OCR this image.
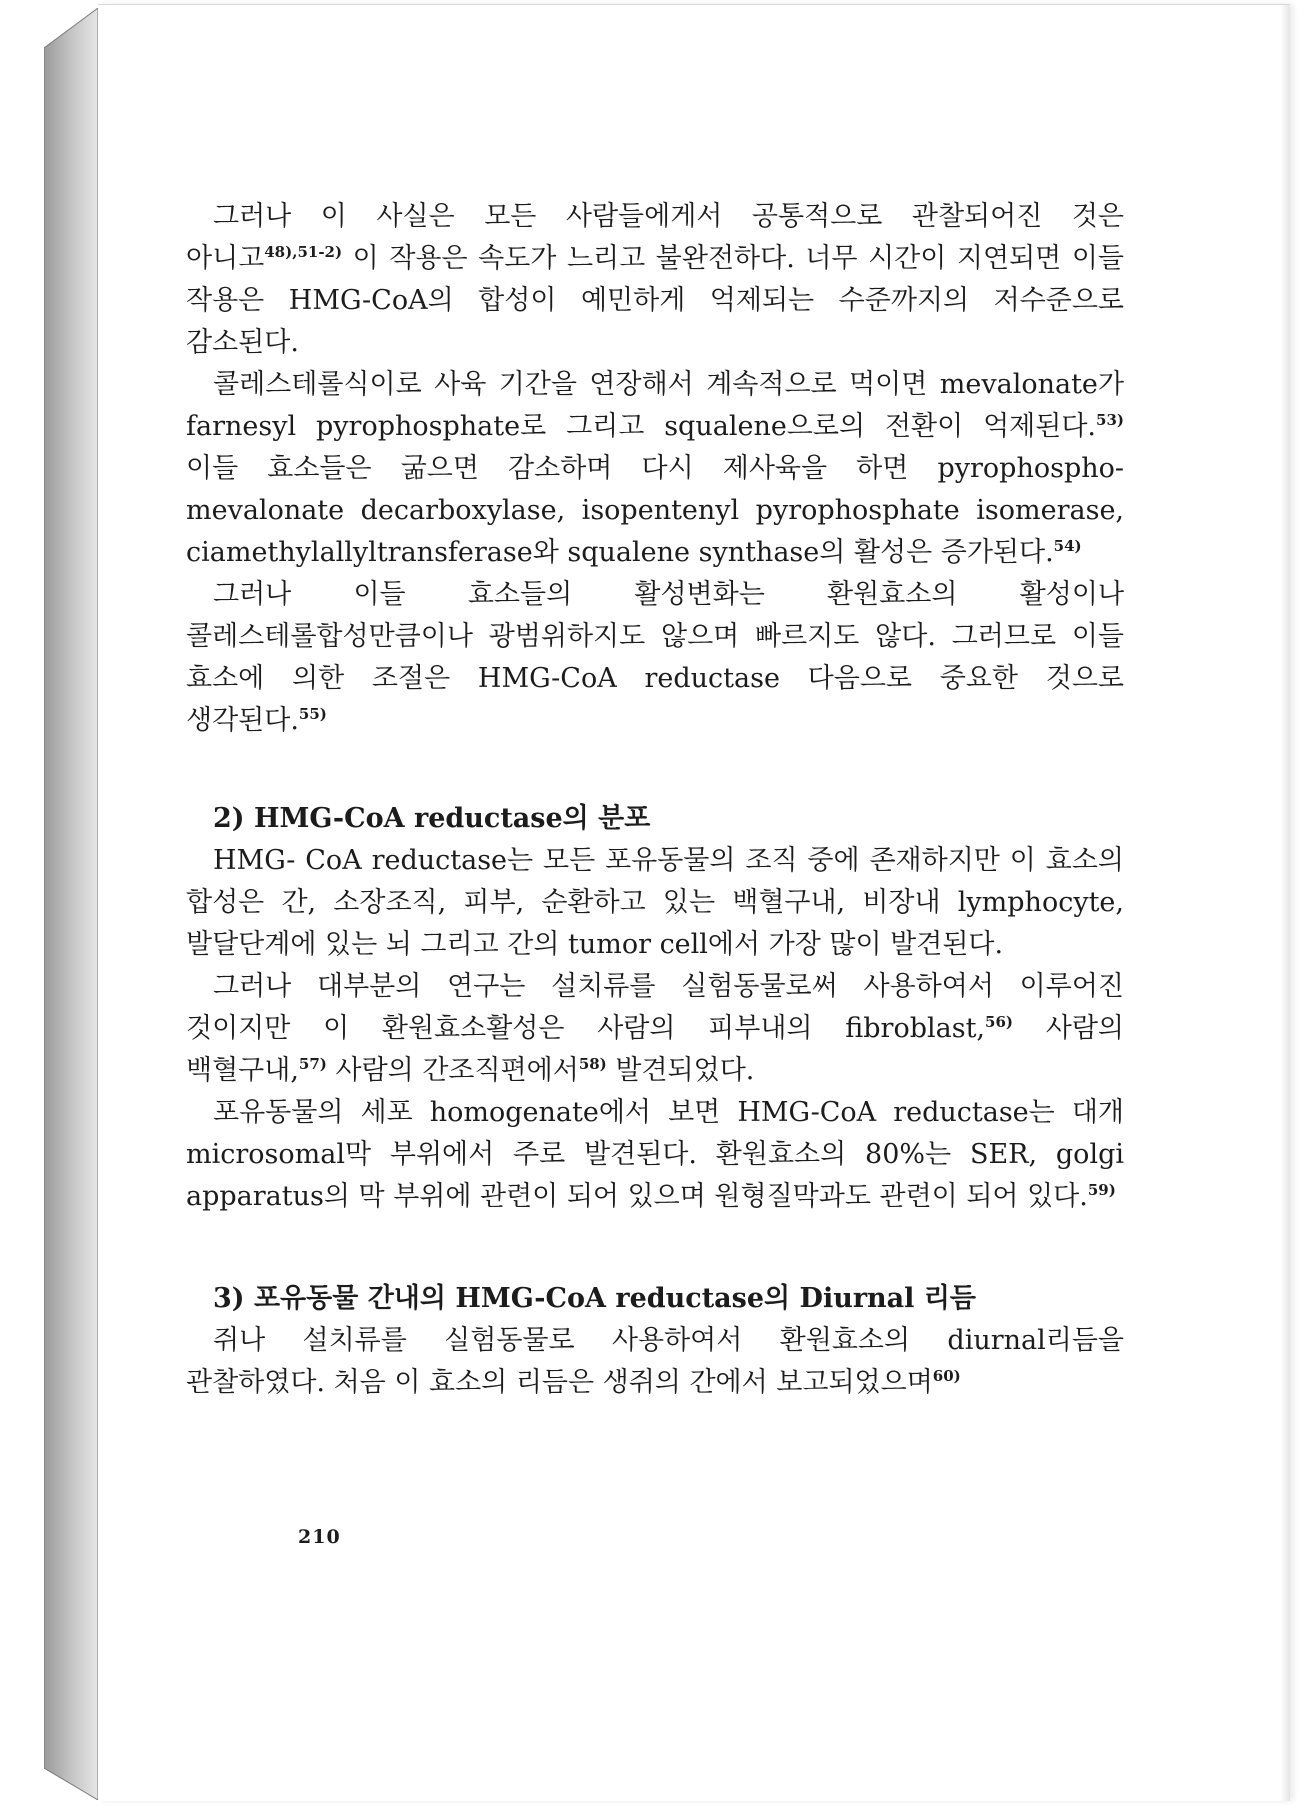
그러나 이 사실은 모든 사람들에게서 공통적으로 관찰되어진 것은 아니고$^{48),51-2)}$ 이 작용은 속도가 느리고 불완전하다. 너무 시간이 지연되면 이들 작용은 HMG-CoA의 합성이 예민하게 억제되는 수준까지의 저수준으로 감소된다.

콜레스테롤식이로 사육 기간을 연장해서 계속적으로 먹이면 mevalonate가 farnesyl pyrophosphate로 그리고 squalene으로의 전환이 억제된다.$^{53)}$ 이들 효소들은 굶으면 감소하며 다시 제사육을 하면 pyrophospho-mevalonate decarboxylase, isopentenyl pyrophosphate isomerase, ciamethylallyltransferase와 squalene synthase의 활성은 증가된다.$^{54)}$

그러나 이들 효소들의 활성변화는 환원효소의 활성이나 콜레스테롤합성만큼이나 광범위하지도 않으며 빠르지도 않다. 그러므로 이들 효소에 의한 조절은 HMG-CoA reductase 다음으로 중요한 것으로 생각된다.$^{55)}$

2) HMG-CoA reductase의 분포

HMG- CoA reductase는 모든 포유동물의 조직 중에 존재하지만 이 효소의 합성은 간, 소장조직, 피부, 순환하고 있는 백혈구내, 비장내 lymphocyte, 발달단계에 있는 뇌 그리고 간의 tumor cell에서 가장 많이 발견된다.

그러나 대부분의 연구는 설치류를 실험동물로써 사용하여서 이루어진 것이지만 이 환원효소활성은 사람의 피부내의 fibroblast,$^{56)}$ 사람의 백혈구내,$^{57)}$ 사람의 간조직편에서$^{58)}$ 발견되었다.

포유동물의 세포 homogenate에서 보면 HMG-CoA reductase는 대개 microsomal막 부위에서 주로 발견된다. 환원효소의 80%는 SER, golgi apparatus의 막 부위에 관련이 되어 있으며 원형질막과도 관련이 되어 있다.$^{59)}$

3) 포유동물 간내의 HMG-CoA reductase의 Diurnal 리듬

쥐나 설치류를 실험동물로 사용하여서 환원효소의 diurnal리듬을 관찰하였다. 처음 이 효소의 리듬은 생쥐의 간에서 보고되었으며$^{60)}$

210
